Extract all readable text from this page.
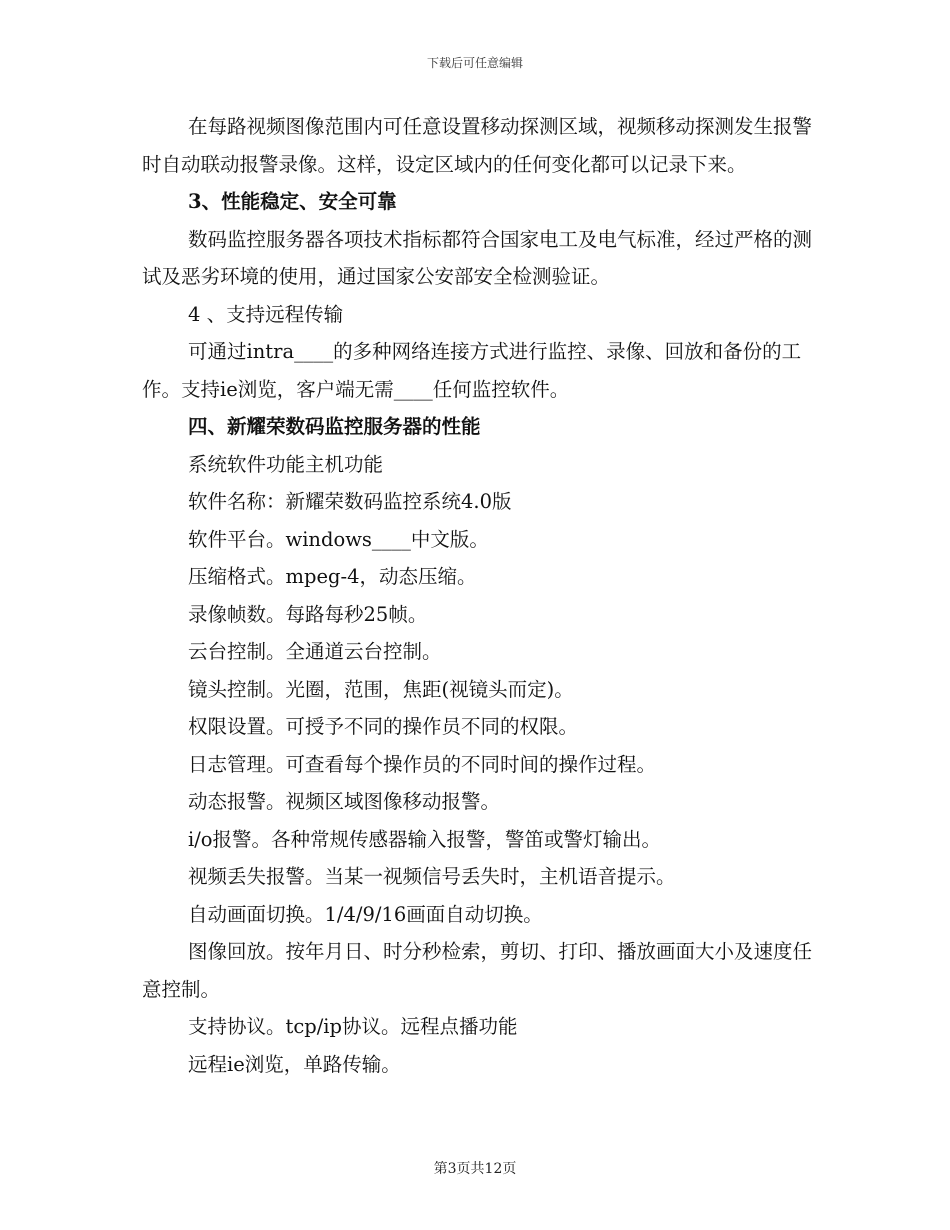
下载后可任意编辑

在每路视频图像范围内可任意设置移动探测区域，视频移动探测发生报警时自动联动报警录像。这样，设定区域内的任何变化都可以记录下来。

3、性能稳定、安全可靠

数码监控服务器各项技术指标都符合国家电工及电气标准，经过严格的测试及恶劣环境的使用，通过国家公安部安全检测验证。

4 、支持远程传输

可通过intra____的多种网络连接方式进行监控、录像、回放和备份的工作。支持ie浏览，客户端无需____任何监控软件。

四、新耀荣数码监控服务器的性能

系统软件功能主机功能

软件名称：新耀荣数码监控系统4.0版

软件平台。windows____中文版。

压缩格式。mpeg-4，动态压缩。

录像帧数。每路每秒25帧。

云台控制。全通道云台控制。

镜头控制。光圈，范围，焦距(视镜头而定)。

权限设置。可授予不同的操作员不同的权限。

日志管理。可查看每个操作员的不同时间的操作过程。

动态报警。视频区域图像移动报警。

i/o报警。各种常规传感器输入报警，警笛或警灯输出。

视频丢失报警。当某一视频信号丢失时，主机语音提示。

自动画面切换。1/4/9/16画面自动切换。

图像回放。按年月日、时分秒检索，剪切、打印、播放画面大小及速度任意控制。

支持协议。tcp/ip协议。远程点播功能

远程ie浏览，单路传输。

第3页共12页
